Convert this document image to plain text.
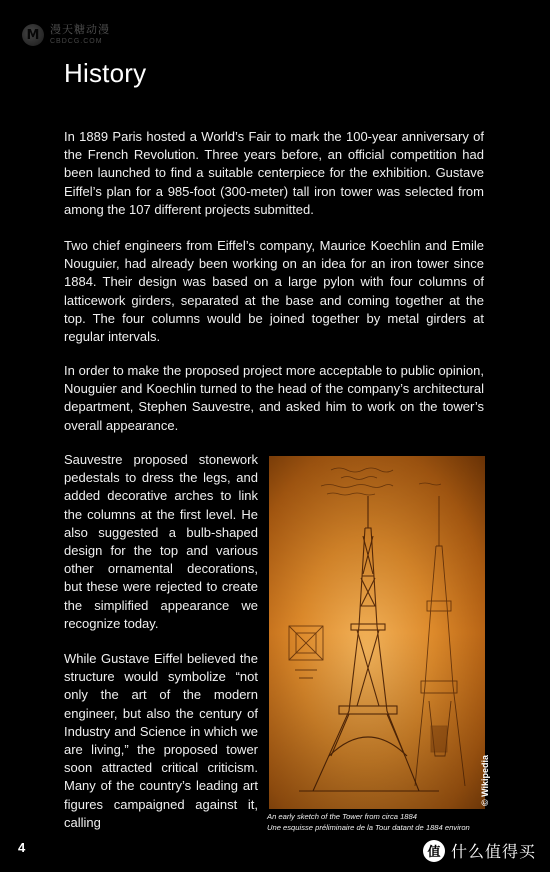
M 漫天糖动漫
CBDCG.COM
History

In 1889 Paris hosted a World’s Fair to mark the 100-year anniversary of the French Revolution. Three years before, an official competition had been launched to find a suitable centerpiece for the exhibition. Gustave Eiffel’s plan for a 985-foot (300-meter) tall iron tower was selected from among the 107 different projects submitted.

Two chief engineers from Eiffel’s company, Maurice Koechlin and Emile Nouguier, had already been working on an idea for an iron tower since 1884. Their design was based on a large pylon with four columns of latticework girders, separated at the base and coming together at the top. The four columns would be joined together by metal girders at regular intervals.

In order to make the proposed project more acceptable to public opinion, Nouguier and Koechlin turned to the head of the company’s architectural department, Stephen Sauvestre, and asked him to work on the tower’s overall appearance.

Sauvestre proposed stonework pedestals to dress the legs, and added decorative arches to link the columns at the first level. He also suggested a bulb-shaped design for the top and various other ornamental decorations, but these were rejected to create the simplified appearance we recognize today.

While Gustave Eiffel believed the structure would symbolize “not only the art of the modern engineer, but also the century of Industry and Science in which we are living,” the proposed tower soon attracted critical criticism. Many of the country’s leading art figures campaigned against it, calling

© Wikipedia
An early sketch of the Tower from circa 1884
Une esquisse préliminaire de la Tour datant de 1884 environ
4	值 什么值得买
